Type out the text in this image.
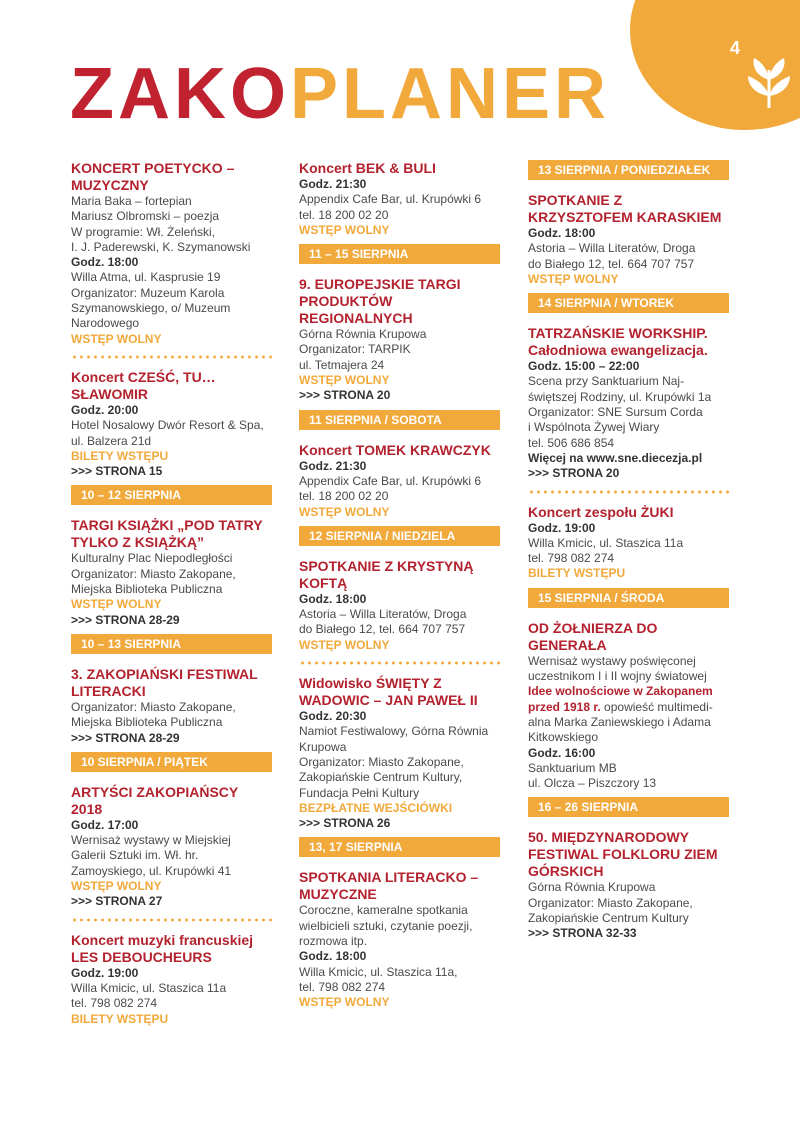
4
ZAKOPLANER
KONCERT POETYCKO – MUZYCZNY
Maria Baka – fortepian
Mariusz Olbromski – poezja
W programie: Wł. Żeleński,
I. J. Paderewski, K. Szymanowski
Godz. 18:00
Willa Atma, ul. Kasprusie 19
Organizator: Muzeum Karola
Szymanowskiego, o/ Muzeum
Narodowego
WSTĘP WOLNY
Koncert CZEŚĆ, TU… SŁAWOMIR
Godz. 20:00
Hotel Nosalowy Dwór Resort & Spa,
ul. Balzera 21d
BILETY WSTĘPU
>>> STRONA 15
10 – 12 SIERPNIA
TARGI KSIĄŻKI „POD TATRY TYLKO Z KSIĄŻKĄ”
Kulturalny Plac Niepodległości
Organizator: Miasto Zakopane,
Miejska Biblioteka Publiczna
WSTĘP WOLNY
>>> STRONA 28-29
10 – 13 SIERPNIA
3. ZAKOPIAŃSKI FESTIWAL LITERACKI
Organizator: Miasto Zakopane,
Miejska Biblioteka Publiczna
>>> STRONA 28-29
10 SIERPNIA / PIĄTEK
ARTYŚCI ZAKOPIAŃSCY 2018
Godz. 17:00
Wernisaż wystawy w Miejskiej
Galerii Sztuki im. Wł. hr.
Zamoyskiego, ul. Krupówki 41
WSTĘP WOLNY
>>> STRONA 27
Koncert muzyki francuskiej LES DEBOUCHEURS
Godz. 19:00
Willa Kmicic, ul. Staszica 11a
tel. 798 082 274
BILETY WSTĘPU
Koncert BEK & BULI
Godz. 21:30
Appendix Cafe Bar, ul. Krupówki 6
tel. 18 200 02 20
WSTĘP WOLNY
11 – 15 SIERPNIA
9. EUROPEJSKIE TARGI PRODUKTÓW REGIONALNYCH
Górna Równia Krupowa
Organizator: TARPIK
ul. Tetmajera 24
WSTĘP WOLNY
>>> STRONA 20
11 SIERPNIA / SOBOTA
Koncert TOMEK KRAWCZYK
Godz. 21:30
Appendix Cafe Bar, ul. Krupówki 6
tel. 18 200 02 20
WSTĘP WOLNY
12 SIERPNIA / NIEDZIELA
SPOTKANIE Z KRYSTYNĄ KOFTĄ
Godz. 18:00
Astoria – Willa Literatów, Droga
do Białego 12, tel. 664 707 757
WSTĘP WOLNY
Widowisko ŚWIĘTY Z WADOWIC – JAN PAWEŁ II
Godz. 20:30
Namiot Festiwalowy, Górna Równia
Krupowa
Organizator: Miasto Zakopane,
Zakopiańskie Centrum Kultury,
Fundacja Pełni Kultury
BEZPŁATNE WEJŚCIÓWKI
>>> STRONA 26
13, 17 SIERPNIA
SPOTKANIA LITERACKO – MUZYCZNE
Coroczne, kameralne spotkania
wielbicieli sztuki, czytanie poezji,
rozmowa itp.
Godz. 18:00
Willa Kmicic, ul. Staszica 11a,
tel. 798 082 274
WSTĘP WOLNY
13 SIERPNIA / PONIEDZIAŁEK
SPOTKANIE Z KRZYSZTOFEM KARASKIEM
Godz. 18:00
Astoria – Willa Literatów, Droga
do Białego 12, tel. 664 707 757
WSTĘP WOLNY
14 SIERPNIA / WTOREK
TATRZAŃSKIE WORKSHIP. Całodniowa ewangelizacja.
Godz. 15:00 – 22:00
Scena przy Sanktuarium Naj-
świętszej Rodziny, ul. Krupówki 1a
Organizator: SNE Sursum Corda
i Wspólnota Żywej Wiary
tel. 506 686 854
Więcej na www.sne.diecezja.pl
>>> STRONA 20
Koncert zespołu ŻUKI
Godz. 19:00
Willa Kmicic, ul. Staszica 11a
tel. 798 082 274
BILETY WSTĘPU
15 SIERPNIA / ŚRODA
OD ŻOŁNIERZA DO GENERAŁA
Wernisaż wystawy poświęconej
uczestnikom I i II wojny światowej
Idee wolnościowe w Zakopanem
przed 1918 r. opowieść multimedi-
alna Marka Zaniewskiego i Adama
Kitkowskiego
Godz. 16:00
Sanktuarium MB
ul. Olcza – Piszczory 13
16 – 26 SIERPNIA
50. MIĘDZYNARODOWY FESTIWAL FOLKLORU ZIEM GÓRSKICH
Górna Równia Krupowa
Organizator: Miasto Zakopane,
Zakopiańskie Centrum Kultury
>>> STRONA 32-33
